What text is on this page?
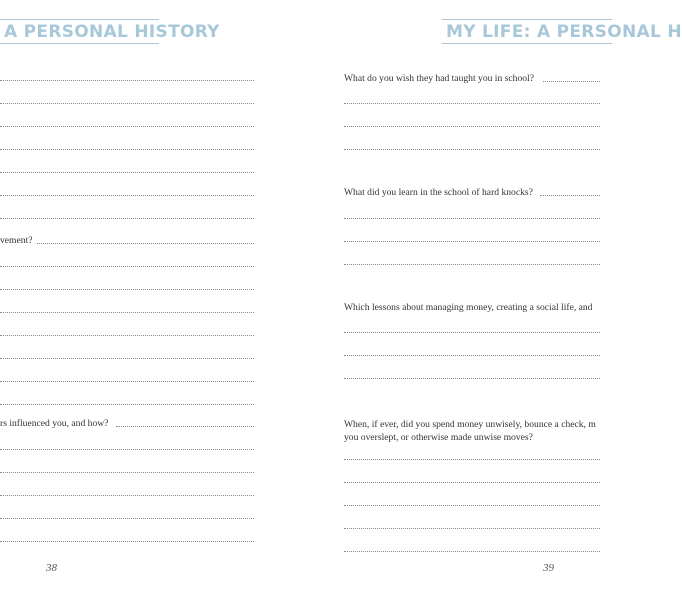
A PERSONAL HISTORY
vement?
rs influenced you, and how?
38
MY LIFE: A PERSONAL H
What do you wish they had taught you in school?
What did you learn in the school of hard knocks?
Which lessons about managing money, creating a social life, and
When, if ever, did you spend money unwisely, bounce a check, m
you overslept, or otherwise made unwise moves?
39
